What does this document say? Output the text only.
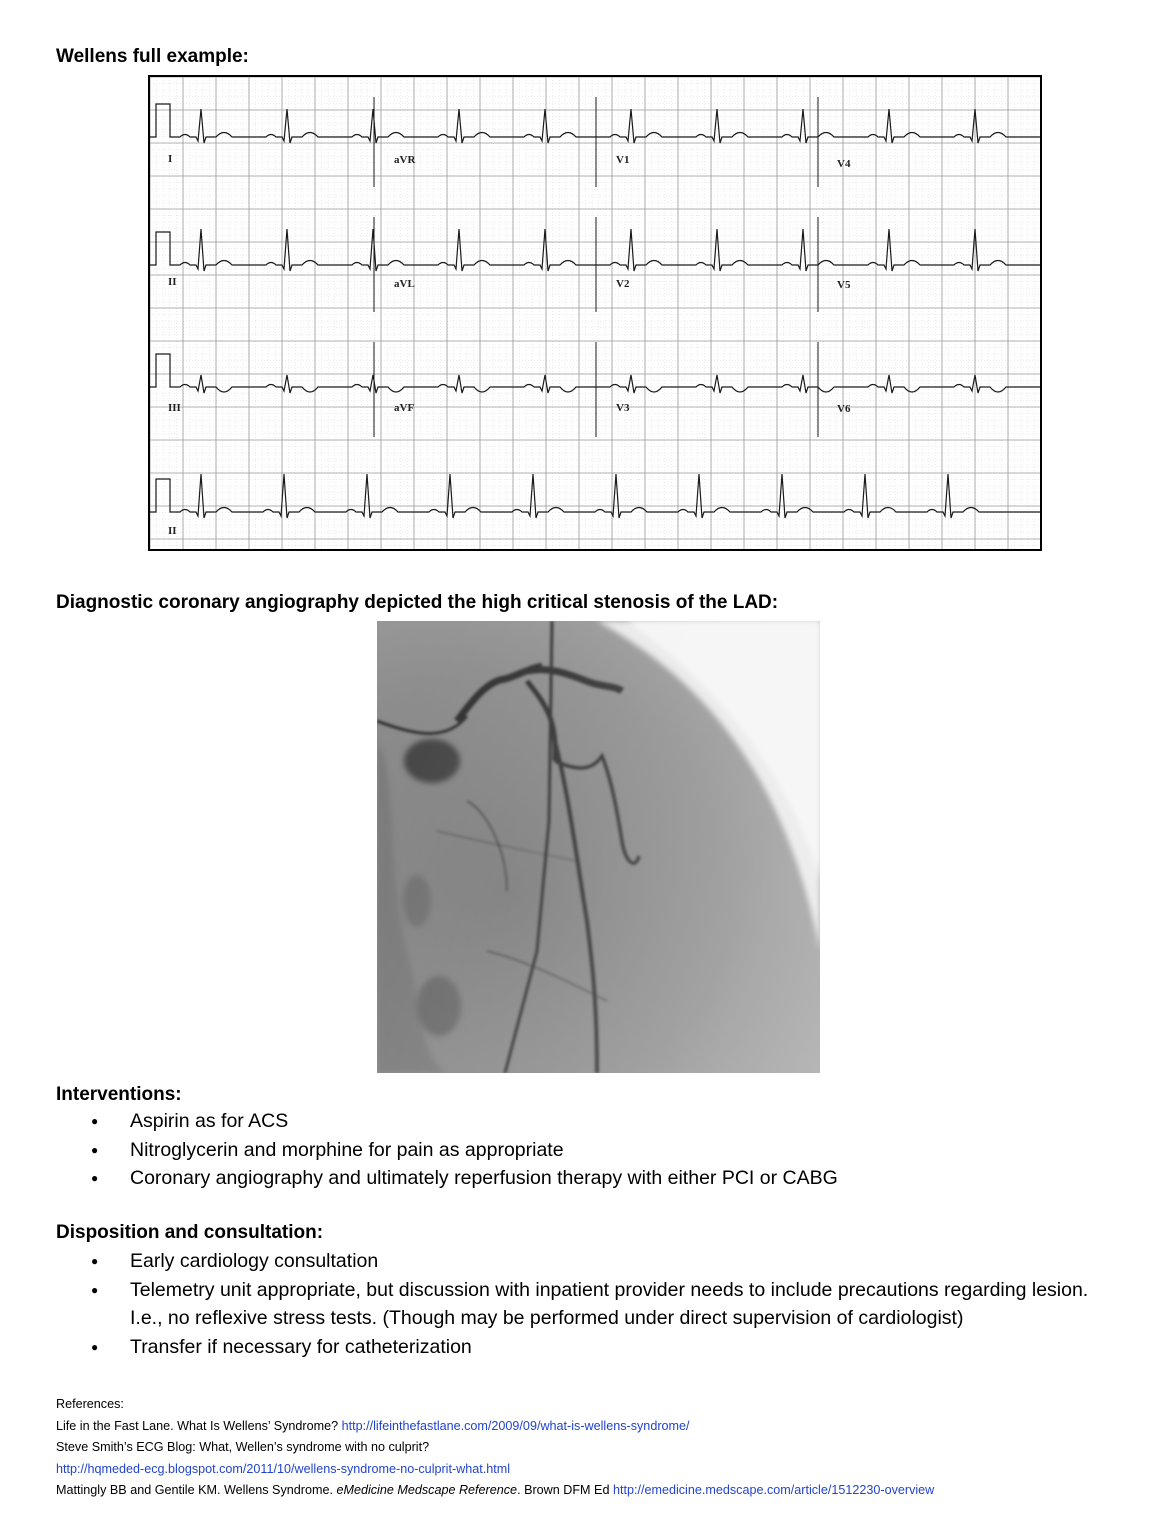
Wellens full example:
I	aVR	V1	V4
II	aVL	V2	V5
III	aVF	V3	V6
II
Diagnostic coronary angiography depicted the high critical stenosis of the LAD:
Interventions:
● Aspirin as for ACS
● Nitroglycerin and morphine for pain as appropriate
● Coronary angiography and ultimately reperfusion therapy with either PCI or CABG
Disposition and consultation:
● Early cardiology consultation
● Telemetry unit appropriate, but discussion with inpatient provider needs to include precautions regarding lesion.
I.e., no reflexive stress tests. (Though may be performed under direct supervision of cardiologist)
● Transfer if necessary for catheterization
References:
Life in the Fast Lane. What Is Wellens’ Syndrome? http://lifeinthefastlane.com/2009/09/what-is-wellens-syndrome/
Steve Smith’s ECG Blog: What, Wellen’s syndrome with no culprit?
http://hqmeded-ecg.blogspot.com/2011/10/wellens-syndrome-no-culprit-what.html
Mattingly BB and Gentile KM. Wellens Syndrome. eMedicine Medscape Reference. Brown DFM Ed http://emedicine.medscape.com/article/1512230-overview
